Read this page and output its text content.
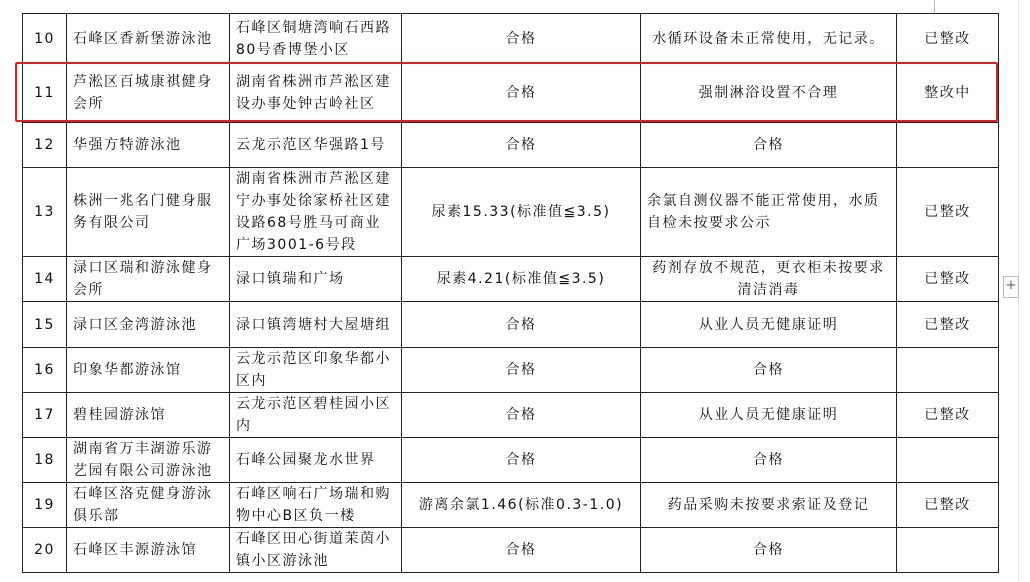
10	石峰区香新堡游泳池	石峰区铜塘湾响石西路80号香博堡小区	合格	水循环设备未正常使用，无记录。	已整改
11	芦淞区百城康祺健身会所	湖南省株洲市芦淞区建设办事处钟古岭社区	合格	强制淋浴设置不合理	整改中
12	华强方特游泳池	云龙示范区华强路1号	合格	合格	
13	株洲一兆名门健身服务有限公司	湖南省株洲市芦淞区建宁办事处徐家桥社区建设路68号胜马可商业广场3001-6号段	尿素15.33(标准值≦3.5)	余氯自测仪器不能正常使用，水质自检未按要求公示	已整改
14	渌口区瑞和游泳健身会所	渌口镇瑞和广场	尿素4.21(标准值≦3.5)	药剂存放不规范，更衣柜未按要求清洁消毒	已整改
15	渌口区金湾游泳池	渌口镇湾塘村大屋塘组	合格	从业人员无健康证明	已整改
16	印象华都游泳馆	云龙示范区印象华都小区内	合格	合格	
17	碧桂园游泳馆	云龙示范区碧桂园小区内	合格	从业人员无健康证明	已整改
18	湖南省万丰湖游乐游艺园有限公司游泳池	石峰公园聚龙水世界	合格	合格	
19	石峰区洛克健身游泳俱乐部	石峰区响石广场瑞和购物中心B区负一楼	游离余氯1.46(标准0.3-1.0)	药品采购未按要求索证及登记	已整改
20	石峰区丰源游泳馆	石峰区田心街道茉茵小镇小区游泳池	合格	合格	
+
